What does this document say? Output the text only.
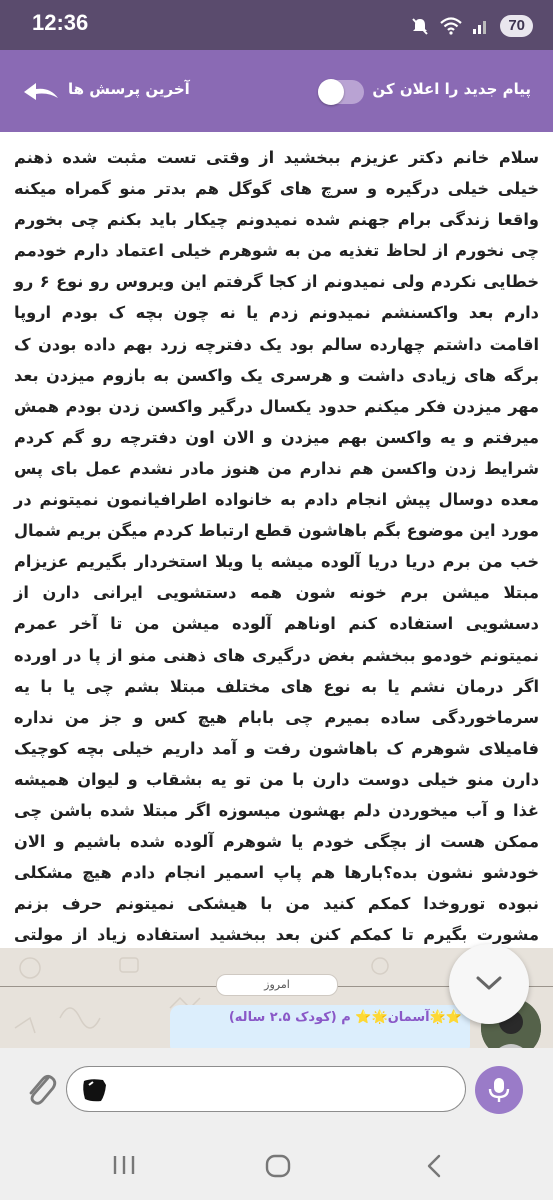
12:36	70
آخرین پرسش ها	پیام جدید را اعلان کن
سلام خانم دکتر عزیزم ببخشید از وقتی تست مثبت شده ذهنم خیلی خیلی درگیره و سرچ های گوگل هم بدتر منو گمراه میکنه واقعا زندگی برام جهنم شده نمیدونم چیکار باید بکنم چی بخورم چی نخورم از لحاظ تغذیه من به شوهرم خیلی اعتماد دارم خودمم خطایی نکردم ولی نمیدونم از کجا گرفتم این ویروس رو نوع ۶ رو دارم بعد واکسنشم نمیدونم زدم یا نه چون بچه ک بودم اروپا اقامت داشتم چهارده سالم بود یک دفترچه زرد بهم داده بودن ک برگه های زیادی داشت و هرسری یک واکسن به بازوم میزدن بعد مهر میزدن فکر میکنم حدود یکسال درگیر واکسن زدن بودم همش میرفتم و یه واکسن بهم میزدن و الان اون دفترچه رو گم کردم شرایط زدن واکسن هم ندارم من هنوز مادر نشدم عمل بای پس معده دوسال پیش انجام دادم به خانواده اطرافیانمون نمیتونم در مورد این موضوع بگم باهاشون قطع ارتباط کردم میگن بریم شمال خب من برم دریا دریا آلوده میشه یا ویلا استخردار بگیریم عزیزام مبتلا میشن برم خونه شون همه دستشویی ایرانی دارن از دسشویی استفاده کنم اوناهم آلوده میشن من تا آخر عمرم نمیتونم خودمو ببخشم بغض درگیری های ذهنی منو از پا در اورده اگر درمان نشم یا به نوع های مختلف مبتلا بشم چی یا با یه سرماخوردگی ساده بمیرم چی بابام هیچ کس و جز من نداره فامیلای شوهرم ک باهاشون رفت و آمد داریم خیلی بچه کوچیک دارن منو خیلی دوست دارن با من تو یه بشقاب و لیوان همیشه غذا و آب میخوردن دلم بهشون میسوزه اگر مبتلا شده باشن چی ممکن هست از بچگی خودم یا شوهرم آلوده شده باشیم و الان خودشو نشون بده؟بارها هم پاپ اسمیر انجام دادم هیچ مشکلی نبوده توروخدا کمکم کنید من با هیشکی نمیتونم حرف بزنم مشورت بگیرم تا کمکم کنن بعد ببخشید استفاده زیاد از مولتی
امروز
⭐🌟آسمان🌟⭐ م (کودک ۲.۵ ساله)
